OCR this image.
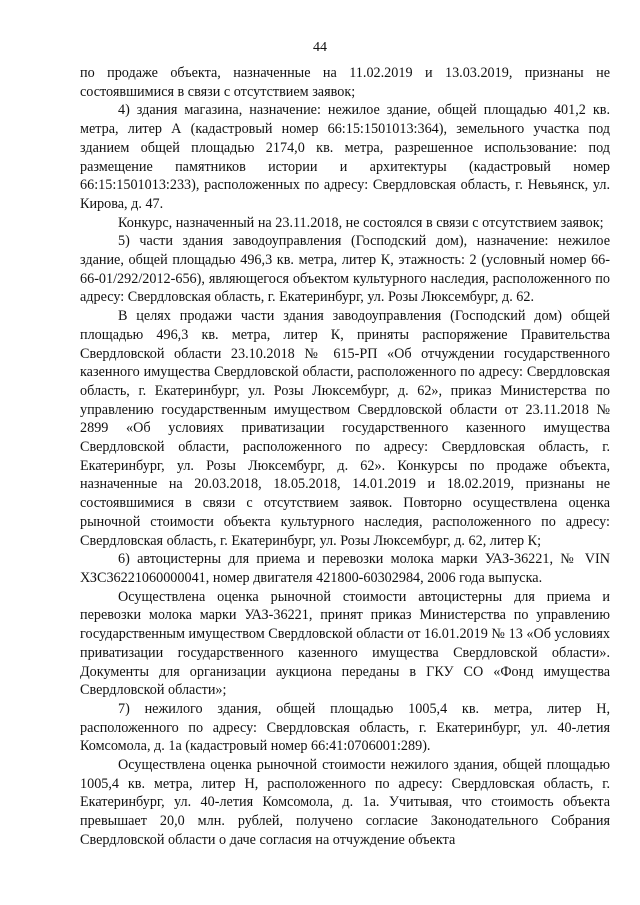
44

по продаже объекта, назначенные на 11.02.2019 и 13.03.2019, признаны не состоявшимися в связи с отсутствием заявок;

4) здания магазина, назначение: нежилое здание, общей площадью 401,2 кв. метра, литер А (кадастровый номер 66:15:1501013:364), земельного участка под зданием общей площадью 2174,0 кв. метра, разрешенное использование: под размещение памятников истории и архитектуры (кадастровый номер 66:15:1501013:233), расположенных по адресу: Свердловская область, г. Невьянск, ул. Кирова, д. 47.

Конкурс, назначенный на 23.11.2018, не состоялся в связи с отсутствием заявок;

5) части здания заводоуправления (Господский дом), назначение: нежилое здание, общей площадью 496,3 кв. метра, литер К, этажность: 2 (условный номер 66-66-01/292/2012-656), являющегося объектом культурного наследия, расположенного по адресу: Свердловская область, г. Екатеринбург, ул. Розы Люксембург, д. 62.

В целях продажи части здания заводоуправления (Господский дом) общей площадью 496,3 кв. метра, литер К, приняты распоряжение Правительства Свердловской области 23.10.2018 № 615-РП «Об отчуждении государственного казенного имущества Свердловской области, расположенного по адресу: Свердловская область, г. Екатеринбург, ул. Розы Люксембург, д. 62», приказ Министерства по управлению государственным имуществом Свердловской области от 23.11.2018 № 2899 «Об условиях приватизации государственного казенного имущества Свердловской области, расположенного по адресу: Свердловская область, г. Екатеринбург, ул. Розы Люксембург, д. 62». Конкурсы по продаже объекта, назначенные на 20.03.2018, 18.05.2018, 14.01.2019 и 18.02.2019, признаны не состоявшимися в связи с отсутствием заявок. Повторно осуществлена оценка рыночной стоимости объекта культурного наследия, расположенного по адресу: Свердловская область, г. Екатеринбург, ул. Розы Люксембург, д. 62, литер К;

6) автоцистерны для приема и перевозки молока марки УАЗ-36221, № VIN ХЗС36221060000041, номер двигателя 421800-60302984, 2006 года выпуска.

Осуществлена оценка рыночной стоимости автоцистерны для приема и перевозки молока марки УАЗ-36221, принят приказ Министерства по управлению государственным имуществом Свердловской области от 16.01.2019 № 13 «Об условиях приватизации государственного казенного имущества Свердловской области». Документы для организации аукциона переданы в ГКУ СО «Фонд имущества Свердловской области»;

7) нежилого здания, общей площадью 1005,4 кв. метра, литер Н, расположенного по адресу: Свердловская область, г. Екатеринбург, ул. 40-летия Комсомола, д. 1а (кадастровый номер 66:41:0706001:289).

Осуществлена оценка рыночной стоимости нежилого здания, общей площадью 1005,4 кв. метра, литер Н, расположенного по адресу: Свердловская область, г. Екатеринбург, ул. 40-летия Комсомола, д. 1а. Учитывая, что стоимость объекта превышает 20,0 млн. рублей, получено согласие Законодательного Собрания Свердловской области о даче согласия на отчуждение объекта
